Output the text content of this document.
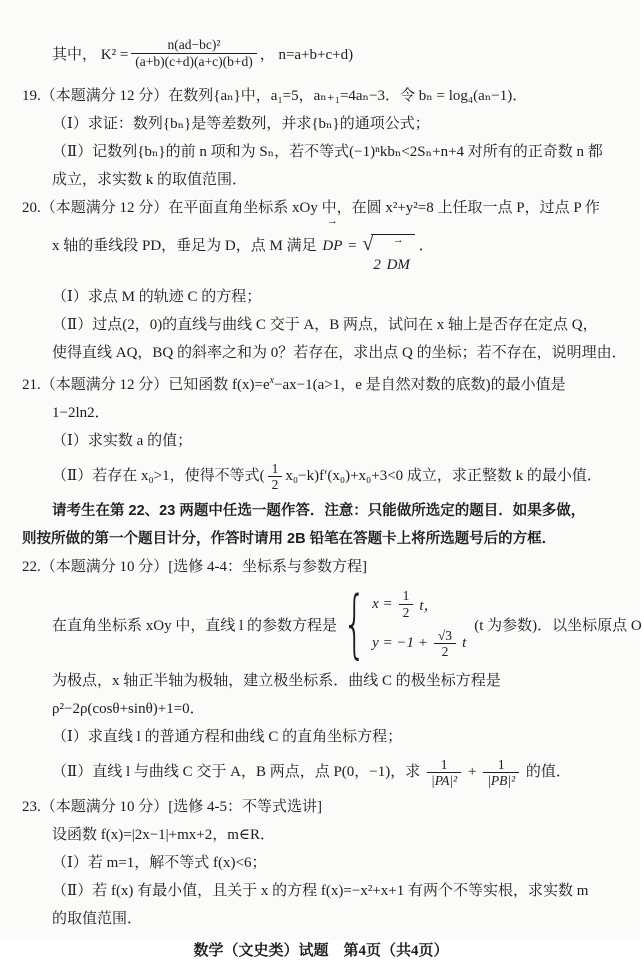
其中， $K^2 = \frac{\text{n(ad−bc)²}}{(a+b)(c+d)(a+c)(b+d)}$ ， n=a+b+c+d)
19.（本题满分 12 分）在数列{aₙ}中，a₁=5，aₙ₊₁=4aₙ−3．令 bₙ = log₄(aₙ−1)．
（Ⅰ）求证：数列{bₙ}是等差数列，并求{bₙ}的通项公式；
（Ⅱ）记数列{bₙ}的前 n 项和为 Sₙ，若不等式(−1)ⁿkbₙ<2Sₙ+n+4 对所有的正奇数 n 都
成立，求实数 k 的取值范围．
20.（本题满分 12 分）在平面直角坐标系 xOy 中，在圆 x²+y²=8 上任取一点 P，过点 P 作
x 轴的垂线段 PD，垂足为 D，点 M 满足
→
DP = √
2
→
DM
．
（Ⅰ）求点 M 的轨迹 C 的方程；
（Ⅱ）过点(2，0)的直线与曲线 C 交于 A，B 两点，试问在 x 轴上是否存在定点 Q，
使得直线 AQ，BQ 的斜率之和为 0？若存在，求出点 Q 的坐标；若不存在，说明理由．
21.（本题满分 12 分）已知函数 $f(x)=e^x-ax-1(a>1$，e 是自然对数的底数)的最小值是
1−2ln2．
（Ⅰ）求实数 a 的值；
（Ⅱ）若存在 x₀>1，使得不等式( $\frac{1}{2} x_0-k)f'(x_0)+x_0+3<0$ 成立，求正整数 k 的最小值．
请考生在第 22、23 两题中任选一题作答．注意：只能做所选定的题目．如果多做，
则按所做的第一个题目计分，作答时请用 2B 铅笔在答题卡上将所选题号后的方框．
22.（本题满分 10 分）[选修 4-4：坐标系与参数方程]
在直角坐标系 xOy 中，直线 l 的参数方程是 { $x = \frac{1}{2}$ t，
$y = -1 + \frac{√3}{2}$ t
(t 为参数)．以坐标原点 O
为极点，x 轴正半轴为极轴，建立极坐标系．曲线 C 的极坐标方程是
ρ²−2ρ(cosθ+sinθ)+1=0．
（Ⅰ）求直线 l 的普通方程和曲线 C 的直角坐标方程；
（Ⅱ）直线 l 与曲线 C 交于 A，B 两点，点 P(0，−1)，求 $\frac{1}{\text{|PA|²}} + \frac{1}{\text{|PB|²}}$ 的值．
23.（本题满分 10 分）[选修 4-5：不等式选讲]
设函数 f(x)=|2x−1|+mx+2，m∈R．
（Ⅰ）若 m=1，解不等式 f(x)<6；
（Ⅱ）若 f(x) 有最小值，且关于 x 的方程 f(x)=−x²+x+1 有两个不等实根，求实数 m
的取值范围．
数学（文史类）试题　第4页（共4页）
